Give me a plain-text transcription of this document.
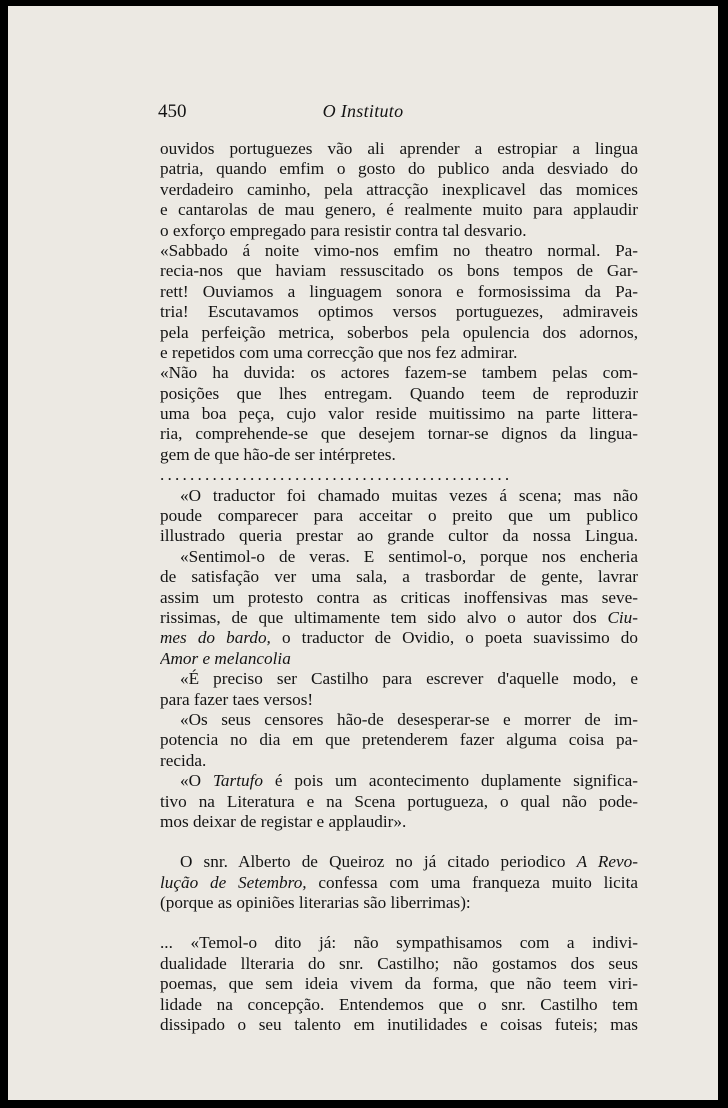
450	O Instituto
ouvidos portuguezes vão ali aprender a estropiar a lingua
patria, quando emfim o gosto do publico anda desviado do
verdadeiro caminho, pela attracção inexplicavel das momices
e cantarolas de mau genero, é realmente muito para applaudir
o exforço empregado para resistir contra tal desvario.
«Sabbado á noite vimo-nos emfim no theatro normal. Pa-
recia-nos que haviam ressuscitado os bons tempos de Gar-
rett! Ouviamos a linguagem sonora e formosissima da Pa-
tria! Escutavamos optimos versos portuguezes, admiraveis
pela perfeição metrica, soberbos pela opulencia dos adornos,
e repetidos com uma correcção que nos fez admirar.
«Não ha duvida: os actores fazem-se tambem pelas com-
posições que lhes entregam. Quando teem de reproduzir
uma boa peça, cujo valor reside muitissimo na parte littera-
ria, comprehende-se que desejem tornar-se dignos da lingua-
gem de que hão-de ser intérpretes.
...............................................
«O traductor foi chamado muitas vezes á scena; mas não
poude comparecer para acceitar o preito que um publico
illustrado queria prestar ao grande cultor da nossa Lingua.
«Sentimol-o de veras. E sentimol-o, porque nos encheria
de satisfação ver uma sala, a trasbordar de gente, lavrar
assim um protesto contra as criticas inoffensivas mas seve-
rissimas, de que ultimamente tem sido alvo o autor dos Ciu-
mes do bardo, o traductor de Ovidio, o poeta suavissimo do
Amor e melancolia
«É preciso ser Castilho para escrever d'aquelle modo, e
para fazer taes versos!
«Os seus censores hão-de desesperar-se e morrer de im-
potencia no dia em que pretenderem fazer alguma coisa pa-
recida.
«O Tartufo é pois um acontecimento duplamente significa-
tivo na Literatura e na Scena portugueza, o qual não pode-
mos deixar de registar e applaudir».
O snr. Alberto de Queiroz no já citado periodico A Revo-
lução de Setembro, confessa com uma franqueza muito licita
(porque as opiniões literarias são liberrimas):
... «Temol-o dito já: não sympathisamos com a indivi-
dualidade llteraria do snr. Castilho; não gostamos dos seus
poemas, que sem ideia vivem da forma, que não teem viri-
lidade na concepção. Entendemos que o snr. Castilho tem
dissipado o seu talento em inutilidades e coisas futeis; mas
